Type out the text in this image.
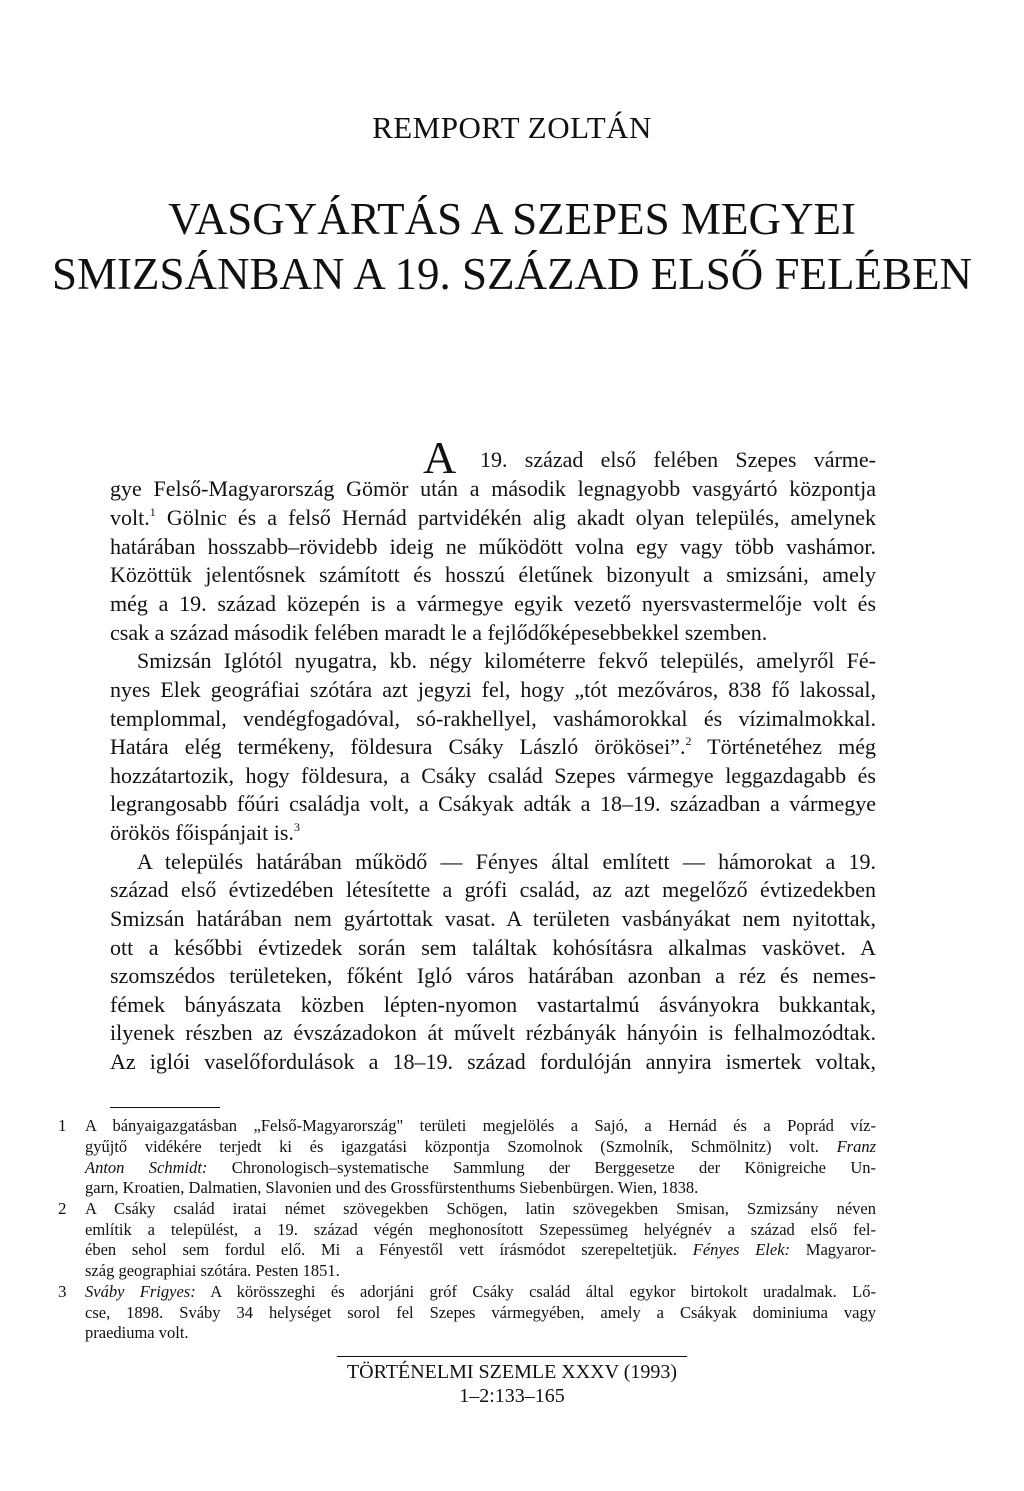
REMPORT ZOLTÁN
VASGYÁRTÁS A SZEPES MEGYEI
SMIZSÁNBAN A 19. SZÁZAD ELSŐ FELÉBEN
A 19. század első felében Szepes várme-
gye Felső-Magyarország Gömör után a második legnagyobb vasgyártó központja
volt.$^1$ Gölnic és a felső Hernád partvidékén alig akadt olyan település, amelynek
határában hosszabb–rövidebb ideig ne működött volna egy vagy több vashámor.
Közöttük jelentősnek számított és hosszú életűnek bizonyult a smizsáni, amely
még a 19. század közepén is a vármegye egyik vezető nyersvastermelője volt és
csak a század második felében maradt le a fejlődőképesebbekkel szemben.
Smizsán Iglótól nyugatra, kb. négy kilométerre fekvő település, amelyről Fé-
nyes Elek geográfiai szótára azt jegyzi fel, hogy „tót mezőváros, 838 fő lakossal,
templommal, vendégfogadóval, só-rakhellyel, vashámorokkal és vízimalmokkal.
Határa elég termékeny, földesura Csáky László örökösei”.$^2$ Történetéhez még
hozzátartozik, hogy földesura, a Csáky család Szepes vármegye leggazdagabb és
legrangosabb főúri családja volt, a Csákyak adták a 18–19. században a vármegye
örökös főispánjait is.$^3$
A település határában működő — Fényes által említett — hámorokat a 19.
század első évtizedében létesítette a grófi család, az azt megelőző évtizedekben
Smizsán határában nem gyártottak vasat. A területen vasbányákat nem nyitottak,
ott a későbbi évtizedek során sem találtak kohósításra alkalmas vaskövet. A
szomszédos területeken, főként Igló város határában azonban a réz és nemes-
fémek bányászata közben lépten-nyomon vastartalmú ásványokra bukkantak,
ilyenek részben az évszázadokon át művelt rézbányák hányóin is felhalmozódtak.
Az iglói vaselőfordulások a 18–19. század fordulóján annyira ismertek voltak,
1 A bányaigazgatásban „Felső-Magyarország" területi megjelölés a Sajó, a Hernád és a Poprád víz-
gyűjtő vidékére terjedt ki és igazgatási központja Szomolnok (Szmolník, Schmölnitz) volt. Franz
Anton Schmidt: Chronologisch–systematische Sammlung der Berggesetze der Königreiche Un-
garn, Kroatien, Dalmatien, Slavonien und des Grossfürstenthums Siebenbürgen. Wien, 1838.
2 A Csáky család iratai német szövegekben Schögen, latin szövegekben Smisan, Szmizsány néven
említik a települést, a 19. század végén meghonosított Szepessümeg helyégnév a század első fel-
ében sehol sem fordul elő. Mi a Fényestől vett írásmódot szerepeltetjük. Fényes Elek: Magyaror-
szág geographiai szótára. Pesten 1851.
3 Sváby Frigyes: A körösszeghi és adorjáni gróf Csáky család által egykor birtokolt uradalmak. Lő-
cse, 1898. Sváby 34 helységet sorol fel Szepes vármegyében, amely a Csákyak dominiuma vagy
praediuma volt.
TÖRTÉNELMI SZEMLE XXXV (1993) 1–2:133–165
